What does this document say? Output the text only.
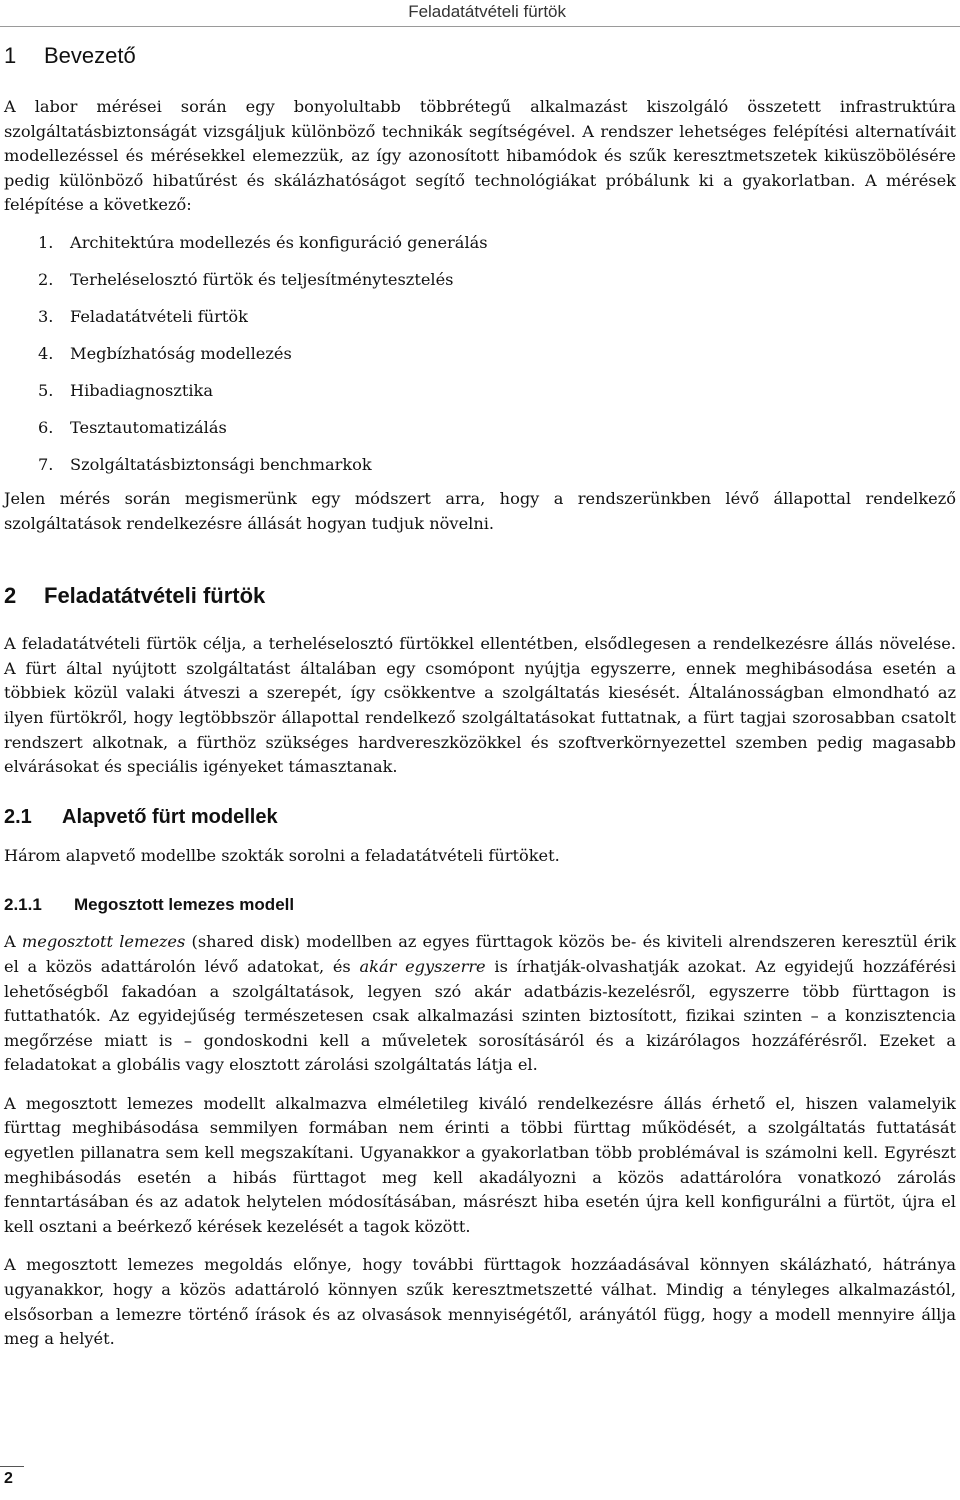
Feladatátvételi fürtök
1 Bevezető

A labor mérései során egy bonyolultabb többrétegű alkalmazást kiszolgáló összetett infrastruktúra szolgáltatásbiztonságát vizsgáljuk különböző technikák segítségével. A rendszer lehetséges felépítési alternatíváit modellezéssel és mérésekkel elemezzük, az így azonosított hibamódok és szűk keresztmetszetek kiküszöbölésére pedig különböző hibatűrést és skálázhatóságot segítő technológiákat próbálunk ki a gyakorlatban. A mérések felépítése a következő:

1. Architektúra modellezés és konfiguráció generálás
2. Terheléselosztó fürtök és teljesítménytesztelés
3. Feladatátvételi fürtök
4. Megbízhatóság modellezés
5. Hibadiagnosztika
6. Tesztautomatizálás
7. Szolgáltatásbiztonsági benchmarkok

Jelen mérés során megismerünk egy módszert arra, hogy a rendszerünkben lévő állapottal rendelkező szolgáltatások rendelkezésre állását hogyan tudjuk növelni.

2 Feladatátvételi fürtök

A feladatátvételi fürtök célja, a terheléselosztó fürtökkel ellentétben, elsődlegesen a rendelkezésre állás növelése. A fürt által nyújtott szolgáltatást általában egy csomópont nyújtja egyszerre, ennek meghibásodása esetén a többiek közül valaki átveszi a szerepét, így csökkentve a szolgáltatás kiesését. Általánosságban elmondható az ilyen fürtökről, hogy legtöbbször állapottal rendelkező szolgáltatásokat futtatnak, a fürt tagjai szorosabban csatolt rendszert alkotnak, a fürthöz szükséges hardvereszközökkel és szoftverkörnyezettel szemben pedig magasabb elvárásokat és speciális igényeket támasztanak.

2.1 Alapvető fürt modellek

Három alapvető modellbe szokták sorolni a feladatátvételi fürtöket.

2.1.1 Megosztott lemezes modell

A megosztott lemezes (shared disk) modellben az egyes fürttagok közös be- és kiviteli alrendszeren keresztül érik el a közös adattárolón lévő adatokat, és akár egyszerre is írhatják-olvashatják azokat. Az egyidejű hozzáférési lehetőségből fakadóan a szolgáltatások, legyen szó akár adatbázis-kezelésről, egyszerre több fürttagon is futtathatók. Az egyidejűség természetesen csak alkalmazási szinten biztosított, fizikai szinten – a konzisztencia megőrzése miatt is – gondoskodni kell a műveletek sorosításáról és a kizárólagos hozzáférésről. Ezeket a feladatokat a globális vagy elosztott zárolási szolgáltatás látja el.

A megosztott lemezes modellt alkalmazva elméletileg kiváló rendelkezésre állás érhető el, hiszen valamelyik fürttag meghibásodása semmilyen formában nem érinti a többi fürttag működését, a szolgáltatás futtatását egyetlen pillanatra sem kell megszakítani. Ugyanakkor a gyakorlatban több problémával is számolni kell. Egyrészt meghibásodás esetén a hibás fürttagot meg kell akadályozni a közös adattárolóra vonatkozó zárolás fenntartásában és az adatok helytelen módosításában, másrészt hiba esetén újra kell konfigurálni a fürtöt, újra el kell osztani a beérkező kérések kezelését a tagok között.

A megosztott lemezes megoldás előnye, hogy további fürttagok hozzáadásával könnyen skálázható, hátránya ugyanakkor, hogy a közös adattároló könnyen szűk keresztmetszetté válhat. Mindig a tényleges alkalmazástól, elsősorban a lemezre történő írások és az olvasások mennyiségétől, arányától függ, hogy a modell mennyire állja meg a helyét.

2
